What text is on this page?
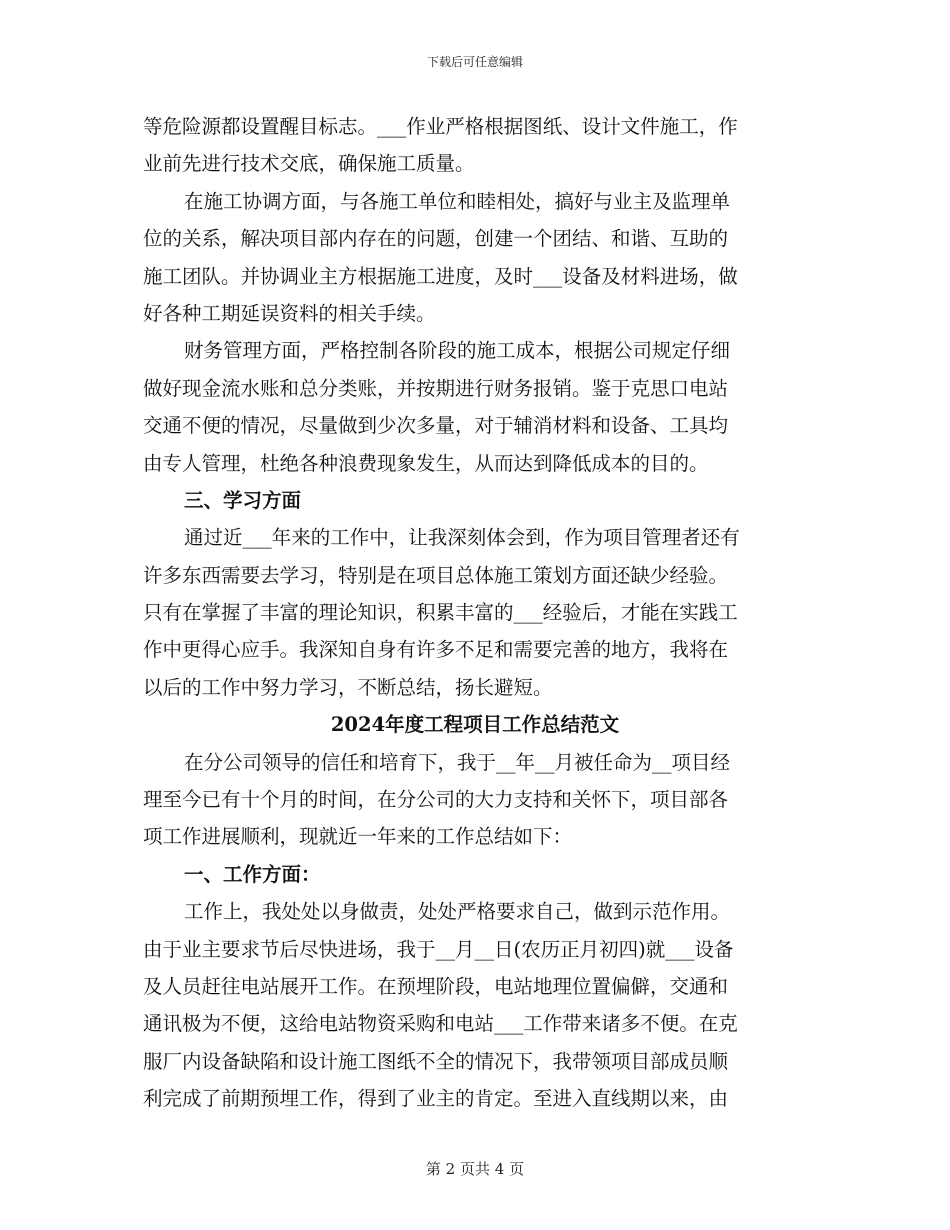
下载后可任意编辑
等危险源都设置醒目标志。___作业严格根据图纸、设计文件施工，作
业前先进行技术交底，确保施工质量。
在施工协调方面，与各施工单位和睦相处，搞好与业主及监理单
位的关系，解决项目部内存在的问题，创建一个团结、和谐、互助的
施工团队。并协调业主方根据施工进度，及时___设备及材料进场，做
好各种工期延误资料的相关手续。
财务管理方面，严格控制各阶段的施工成本，根据公司规定仔细
做好现金流水账和总分类账，并按期进行财务报销。鉴于克思口电站
交通不便的情况，尽量做到少次多量，对于辅消材料和设备、工具均
由专人管理，杜绝各种浪费现象发生，从而达到降低成本的目的。
三、学习方面
通过近___年来的工作中，让我深刻体会到，作为项目管理者还有
许多东西需要去学习，特别是在项目总体施工策划方面还缺少经验。
只有在掌握了丰富的理论知识，积累丰富的___经验后，才能在实践工
作中更得心应手。我深知自身有许多不足和需要完善的地方，我将在
以后的工作中努力学习，不断总结，扬长避短。
2024年度工程项目工作总结范文
在分公司领导的信任和培育下，我于__年__月被任命为__项目经
理至今已有十个月的时间，在分公司的大力支持和关怀下，项目部各
项工作进展顺利，现就近一年来的工作总结如下：
一、工作方面：
工作上，我处处以身做责，处处严格要求自己，做到示范作用。
由于业主要求节后尽快进场，我于__月__日(农历正月初四)就___设备
及人员赶往电站展开工作。在预埋阶段，电站地理位置偏僻，交通和
通讯极为不便，这给电站物资采购和电站___工作带来诸多不便。在克
服厂内设备缺陷和设计施工图纸不全的情况下，我带领项目部成员顺
利完成了前期预埋工作，得到了业主的肯定。至进入直线期以来，由
第 2 页共 4 页
